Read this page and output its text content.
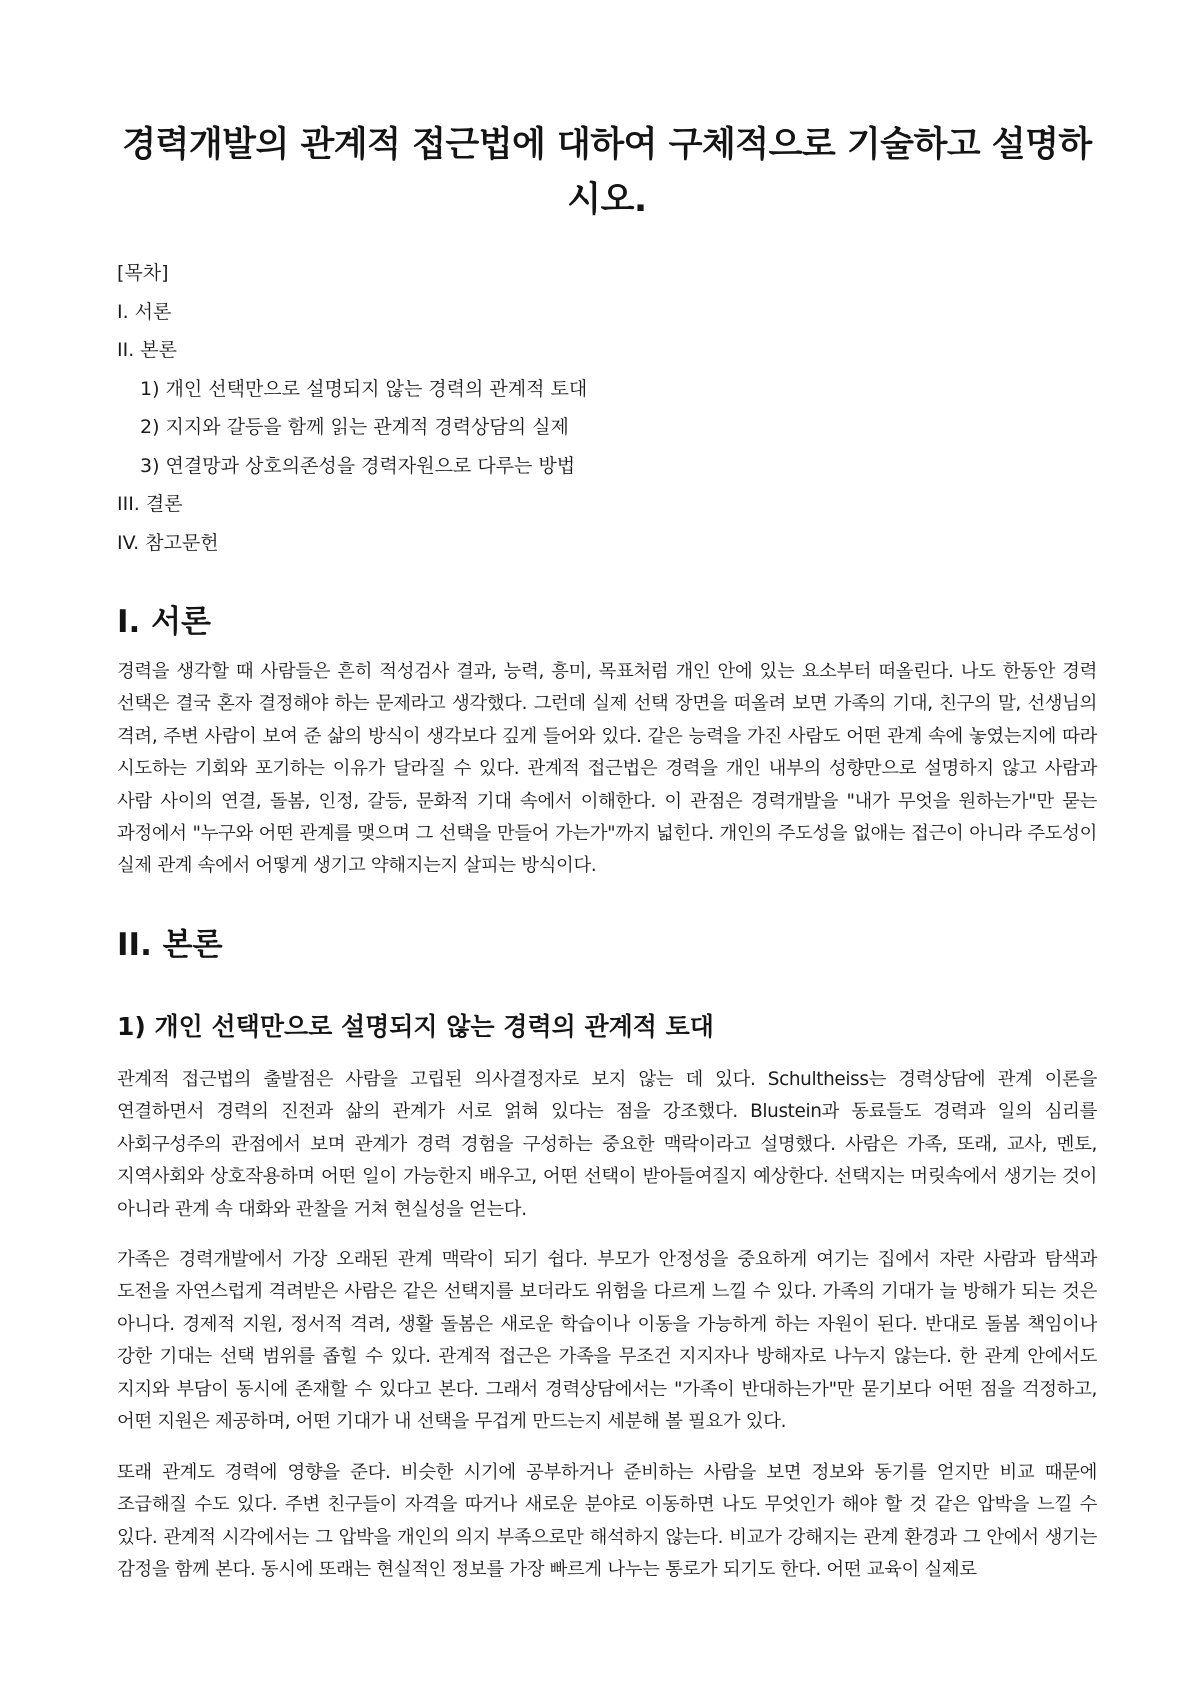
경력개발의 관계적 접근법에 대하여 구체적으로 기술하고 설명하시오.
[목차]
I. 서론
II. 본론
1) 개인 선택만으로 설명되지 않는 경력의 관계적 토대
2) 지지와 갈등을 함께 읽는 관계적 경력상담의 실제
3) 연결망과 상호의존성을 경력자원으로 다루는 방법
III. 결론
IV. 참고문헌
I. 서론

경력을 생각할 때 사람들은 흔히 적성검사 결과, 능력, 흥미, 목표처럼 개인 안에 있는 요소부터 떠올린다. 나도 한동안 경력 선택은 결국 혼자 결정해야 하는 문제라고 생각했다. 그런데 실제 선택 장면을 떠올려 보면 가족의 기대, 친구의 말, 선생님의 격려, 주변 사람이 보여 준 삶의 방식이 생각보다 깊게 들어와 있다. 같은 능력을 가진 사람도 어떤 관계 속에 놓였는지에 따라 시도하는 기회와 포기하는 이유가 달라질 수 있다. 관계적 접근법은 경력을 개인 내부의 성향만으로 설명하지 않고 사람과 사람 사이의 연결, 돌봄, 인정, 갈등, 문화적 기대 속에서 이해한다. 이 관점은 경력개발을 "내가 무엇을 원하는가"만 묻는 과정에서 "누구와 어떤 관계를 맺으며 그 선택을 만들어 가는가"까지 넓힌다. 개인의 주도성을 없애는 접근이 아니라 주도성이 실제 관계 속에서 어떻게 생기고 약해지는지 살피는 방식이다.

II. 본론
1) 개인 선택만으로 설명되지 않는 경력의 관계적 토대

관계적 접근법의 출발점은 사람을 고립된 의사결정자로 보지 않는 데 있다. Schultheiss는 경력상담에 관계 이론을 연결하면서 경력의 진전과 삶의 관계가 서로 얽혀 있다는 점을 강조했다. Blustein과 동료들도 경력과 일의 심리를 사회구성주의 관점에서 보며 관계가 경력 경험을 구성하는 중요한 맥락이라고 설명했다. 사람은 가족, 또래, 교사, 멘토, 지역사회와 상호작용하며 어떤 일이 가능한지 배우고, 어떤 선택이 받아들여질지 예상한다. 선택지는 머릿속에서 생기는 것이 아니라 관계 속 대화와 관찰을 거쳐 현실성을 얻는다.

가족은 경력개발에서 가장 오래된 관계 맥락이 되기 쉽다. 부모가 안정성을 중요하게 여기는 집에서 자란 사람과 탐색과 도전을 자연스럽게 격려받은 사람은 같은 선택지를 보더라도 위험을 다르게 느낄 수 있다. 가족의 기대가 늘 방해가 되는 것은 아니다. 경제적 지원, 정서적 격려, 생활 돌봄은 새로운 학습이나 이동을 가능하게 하는 자원이 된다. 반대로 돌봄 책임이나 강한 기대는 선택 범위를 좁힐 수 있다. 관계적 접근은 가족을 무조건 지지자나 방해자로 나누지 않는다. 한 관계 안에서도 지지와 부담이 동시에 존재할 수 있다고 본다. 그래서 경력상담에서는 "가족이 반대하는가"만 묻기보다 어떤 점을 걱정하고, 어떤 지원은 제공하며, 어떤 기대가 내 선택을 무겁게 만드는지 세분해 볼 필요가 있다.

또래 관계도 경력에 영향을 준다. 비슷한 시기에 공부하거나 준비하는 사람을 보면 정보와 동기를 얻지만 비교 때문에 조급해질 수도 있다. 주변 친구들이 자격을 따거나 새로운 분야로 이동하면 나도 무엇인가 해야 할 것 같은 압박을 느낄 수 있다. 관계적 시각에서는 그 압박을 개인의 의지 부족으로만 해석하지 않는다. 비교가 강해지는 관계 환경과 그 안에서 생기는 감정을 함께 본다. 동시에 또래는 현실적인 정보를 가장 빠르게 나누는 통로가 되기도 한다. 어떤 교육이 실제로
